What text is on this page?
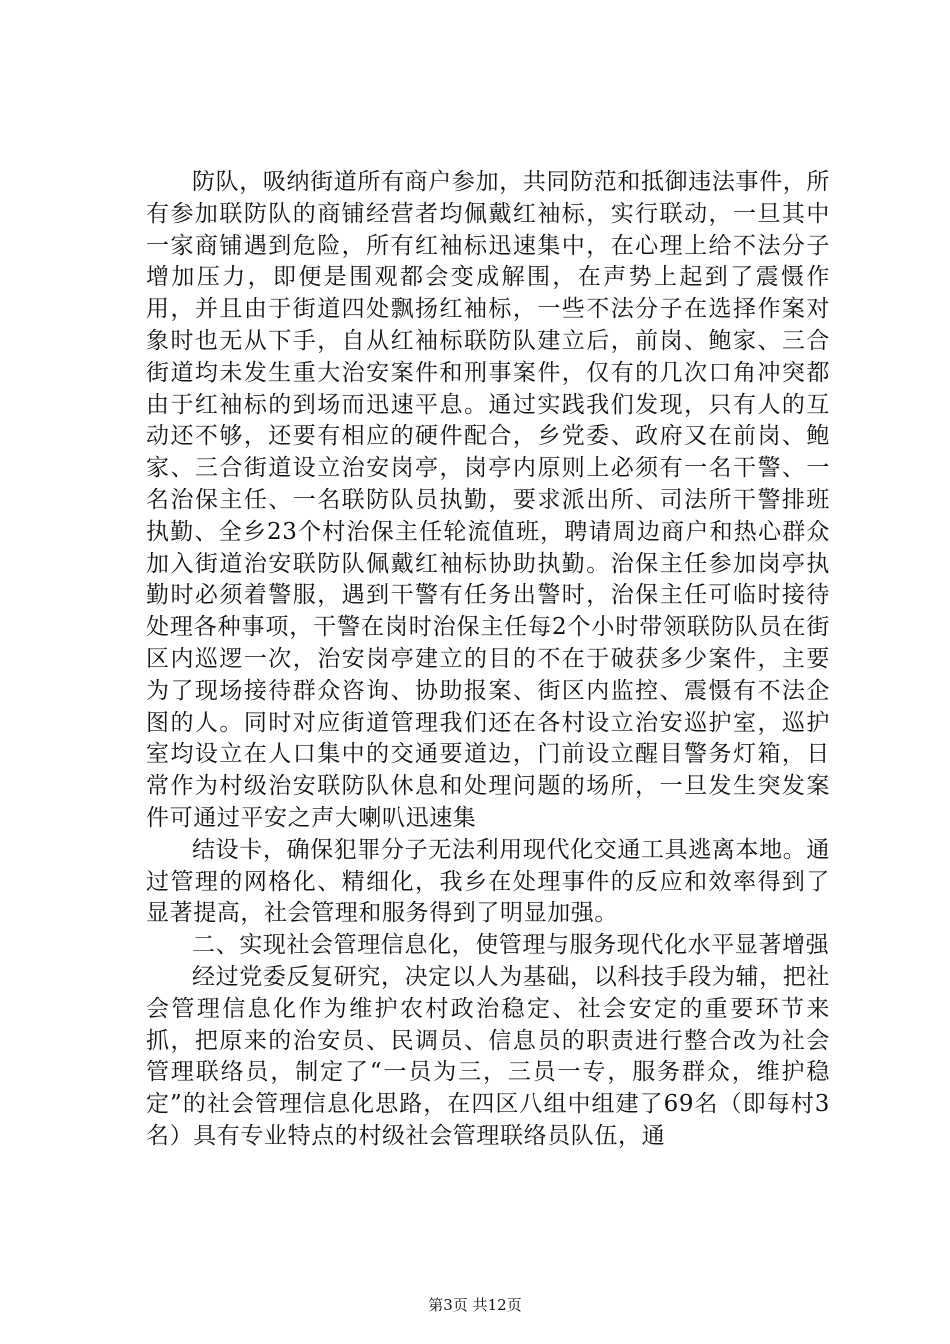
防队，吸纳街道所有商户参加，共同防范和抵御违法事件，所有参加联防队的商铺经营者均佩戴红袖标，实行联动，一旦其中一家商铺遇到危险，所有红袖标迅速集中，在心理上给不法分子增加压力，即便是围观都会变成解围，在声势上起到了震慑作用，并且由于街道四处飘扬红袖标，一些不法分子在选择作案对象时也无从下手，自从红袖标联防队建立后，前岗、鲍家、三合街道均未发生重大治安案件和刑事案件，仅有的几次口角冲突都由于红袖标的到场而迅速平息。通过实践我们发现，只有人的互动还不够，还要有相应的硬件配合，乡党委、政府又在前岗、鲍家、三合街道设立治安岗亭，岗亭内原则上必须有一名干警、一名治保主任、一名联防队员执勤，要求派出所、司法所干警排班执勤、全乡23个村治保主任轮流值班，聘请周边商户和热心群众加入街道治安联防队佩戴红袖标协助执勤。治保主任参加岗亭执勤时必须着警服，遇到干警有任务出警时，治保主任可临时接待处理各种事项，干警在岗时治保主任每2个小时带领联防队员在街区内巡逻一次，治安岗亭建立的目的不在于破获多少案件，主要为了现场接待群众咨询、协助报案、街区内监控、震慑有不法企图的人。同时对应街道管理我们还在各村设立治安巡护室，巡护室均设立在人口集中的交通要道边，门前设立醒目警务灯箱，日常作为村级治安联防队休息和处理问题的场所，一旦发生突发案件可通过平安之声大喇叭迅速集

结设卡，确保犯罪分子无法利用现代化交通工具逃离本地。通过管理的网格化、精细化，我乡在处理事件的反应和效率得到了显著提高，社会管理和服务得到了明显加强。

二、实现社会管理信息化，使管理与服务现代化水平显著增强

经过党委反复研究，决定以人为基础，以科技手段为辅，把社会管理信息化作为维护农村政治稳定、社会安定的重要环节来抓，把原来的治安员、民调员、信息员的职责进行整合改为社会管理联络员，制定了“一员为三，三员一专，服务群众，维护稳定”的社会管理信息化思路，在四区八组中组建了69名（即每村3名）具有专业特点的村级社会管理联络员队伍，通

第3页 共12页
